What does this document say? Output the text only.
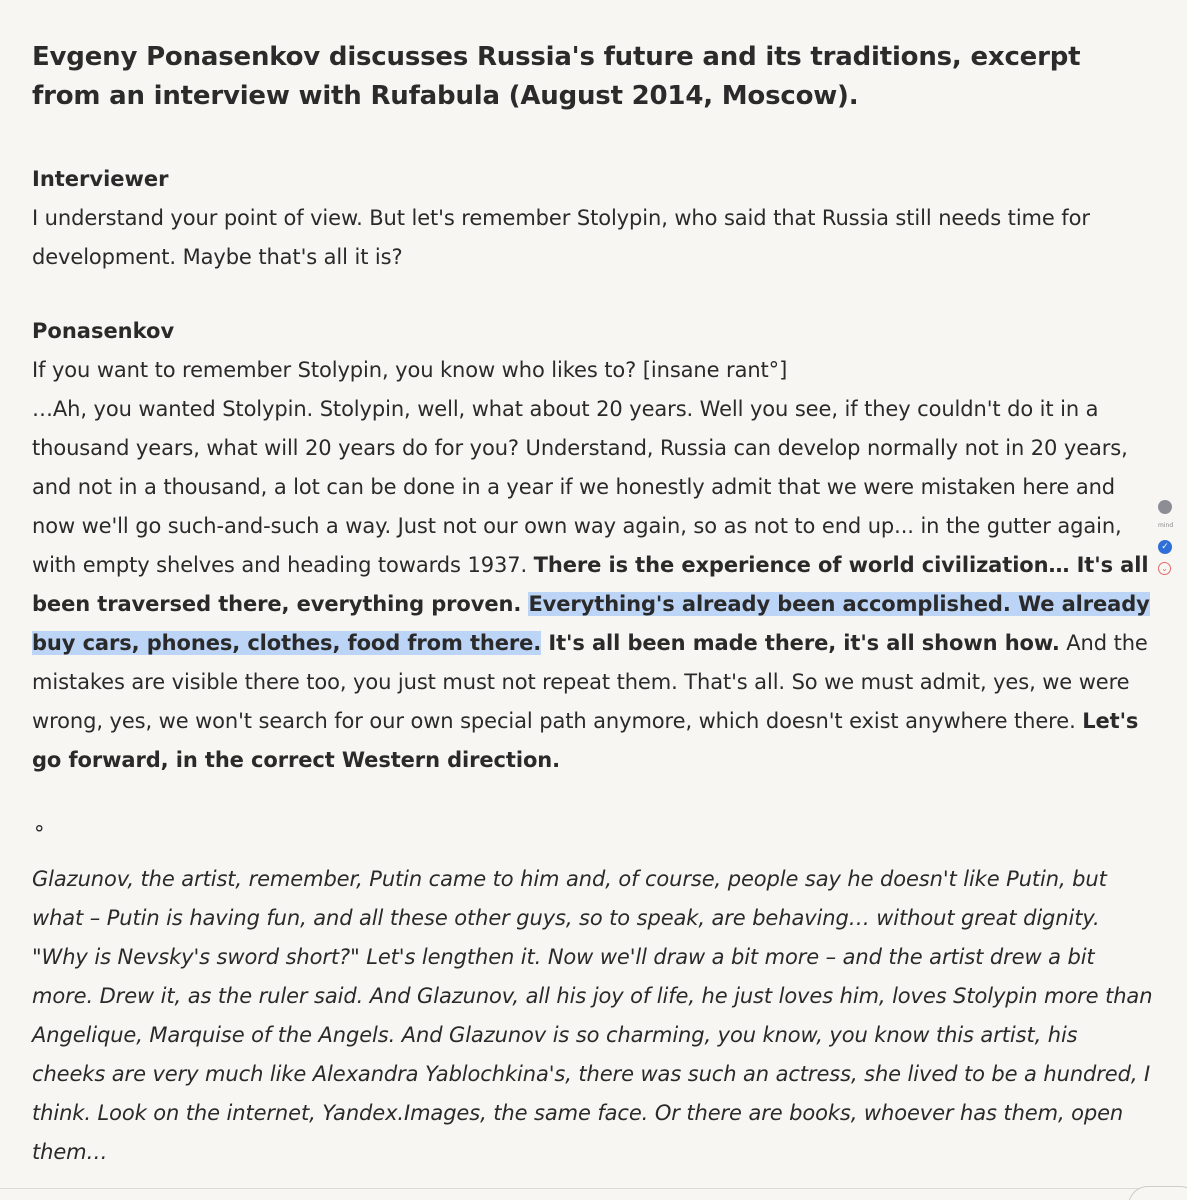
Evgeny Ponasenkov discusses Russia's future and its traditions, excerpt from an interview with Rufabula (August 2014, Moscow).

Interviewer

I understand your point of view. But let's remember Stolypin, who said that Russia still needs time for development. Maybe that's all it is?

Ponasenkov

If you want to remember Stolypin, you know who likes to? [insane rant°]
…Ah, you wanted Stolypin. Stolypin, well, what about 20 years. Well you see, if they couldn't do it in a thousand years, what will 20 years do for you? Understand, Russia can develop normally not in 20 years, and not in a thousand, a lot can be done in a year if we honestly admit that we were mistaken here and now we'll go such-and-such a way. Just not our own way again, so as not to end up... in the gutter again, with empty shelves and heading towards 1937. There is the experience of world civilization… It's all been traversed there, everything proven. Everything's already been accomplished. We already buy cars, phones, clothes, food from there. It's all been made there, it's all shown how. And the mistakes are visible there too, you just must not repeat them. That's all. So we must admit, yes, we were wrong, yes, we won't search for our own special path anymore, which doesn't exist anywhere there. Let's go forward, in the correct Western direction.

°

Glazunov, the artist, remember, Putin came to him and, of course, people say he doesn't like Putin, but what – Putin is having fun, and all these other guys, so to speak, are behaving… without great dignity. "Why is Nevsky's sword short?" Let's lengthen it. Now we'll draw a bit more – and the artist drew a bit more. Drew it, as the ruler said. And Glazunov, all his joy of life, he just loves him, loves Stolypin more than Angelique, Marquise of the Angels. And Glazunov is so charming, you know, you know this artist, his cheeks are very much like Alexandra Yablochkina's, there was such an actress, she lived to be a hundred, I think. Look on the internet, Yandex.Images, the same face. Or there are books, whoever has them, open them…

mind
✓
⌄
